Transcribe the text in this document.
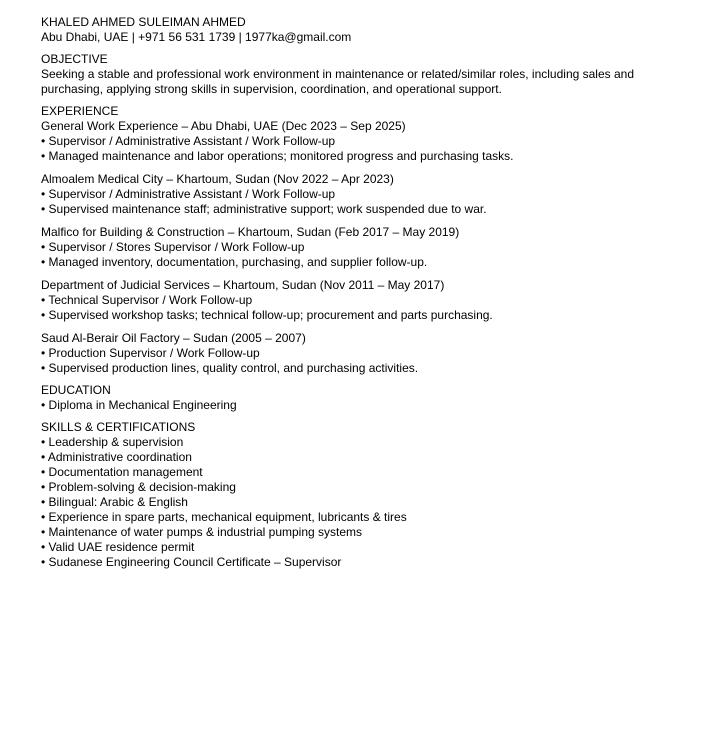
KHALED AHMED SULEIMAN AHMED
Abu Dhabi, UAE | +971 56 531 1739 | 1977ka@gmail.com
OBJECTIVE
Seeking a stable and professional work environment in maintenance or related/similar roles, including sales and purchasing, applying strong skills in supervision, coordination, and operational support.
EXPERIENCE
General Work Experience – Abu Dhabi, UAE (Dec 2023 – Sep 2025)
• Supervisor / Administrative Assistant / Work Follow-up
• Managed maintenance and labor operations; monitored progress and purchasing tasks.
Almoalem Medical City – Khartoum, Sudan (Nov 2022 – Apr 2023)
• Supervisor / Administrative Assistant / Work Follow-up
• Supervised maintenance staff; administrative support; work suspended due to war.
Malfico for Building & Construction – Khartoum, Sudan (Feb 2017 – May 2019)
• Supervisor / Stores Supervisor / Work Follow-up
• Managed inventory, documentation, purchasing, and supplier follow-up.
Department of Judicial Services – Khartoum, Sudan (Nov 2011 – May 2017)
• Technical Supervisor / Work Follow-up
• Supervised workshop tasks; technical follow-up; procurement and parts purchasing.
Saud Al-Berair Oil Factory – Sudan (2005 – 2007)
• Production Supervisor / Work Follow-up
• Supervised production lines, quality control, and purchasing activities.
EDUCATION
• Diploma in Mechanical Engineering
SKILLS & CERTIFICATIONS
• Leadership & supervision
• Administrative coordination
• Documentation management
• Problem-solving & decision-making
• Bilingual: Arabic & English
• Experience in spare parts, mechanical equipment, lubricants & tires
• Maintenance of water pumps & industrial pumping systems
• Valid UAE residence permit
• Sudanese Engineering Council Certificate – Supervisor
